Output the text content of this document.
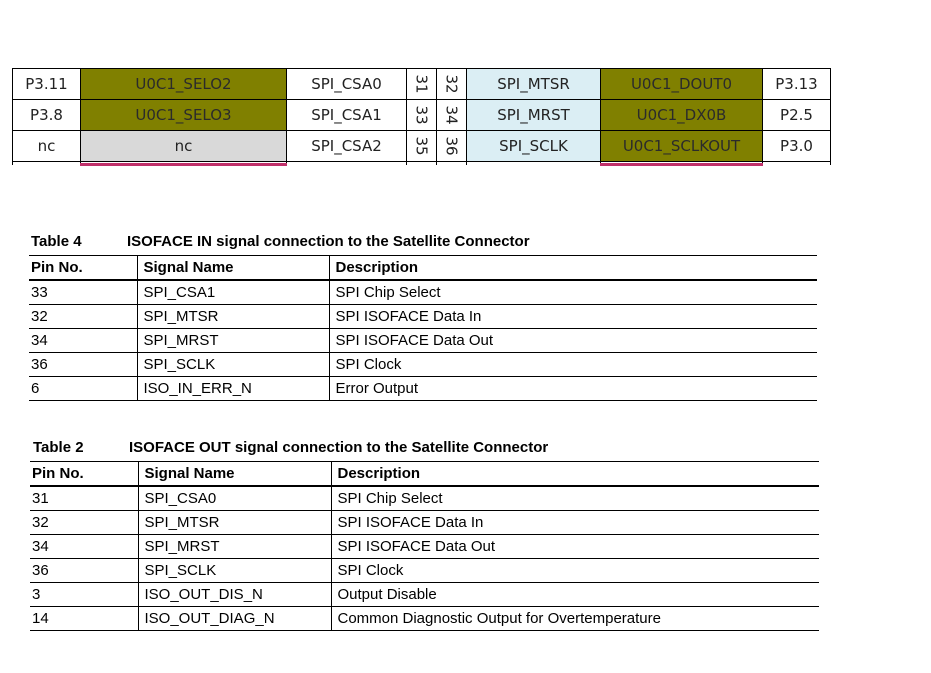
P3.11	U0C1_SELO2	SPI_CSA0	31	32	SPI_MTSR	U0C1_DOUT0	P3.13
P3.8	U0C1_SELO3	SPI_CSA1	33	34	SPI_MRST	U0C1_DX0B	P2.5
nc	nc	SPI_CSA2	35	36	SPI_SCLK	U0C1_SCLKOUT	P3.0

Table 4	ISOFACE IN signal connection to the Satellite Connector
Pin No.	Signal Name	Description
33	SPI_CSA1	SPI Chip Select
32	SPI_MTSR	SPI ISOFACE Data In
34	SPI_MRST	SPI ISOFACE Data Out
36	SPI_SCLK	SPI Clock
6	ISO_IN_ERR_N	Error Output
Table 2	ISOFACE OUT signal connection to the Satellite Connector
Pin No.	Signal Name	Description
31	SPI_CSA0	SPI Chip Select
32	SPI_MTSR	SPI ISOFACE Data In
34	SPI_MRST	SPI ISOFACE Data Out
36	SPI_SCLK	SPI Clock
3	ISO_OUT_DIS_N	Output Disable
14	ISO_OUT_DIAG_N	Common Diagnostic Output for Overtemperature
